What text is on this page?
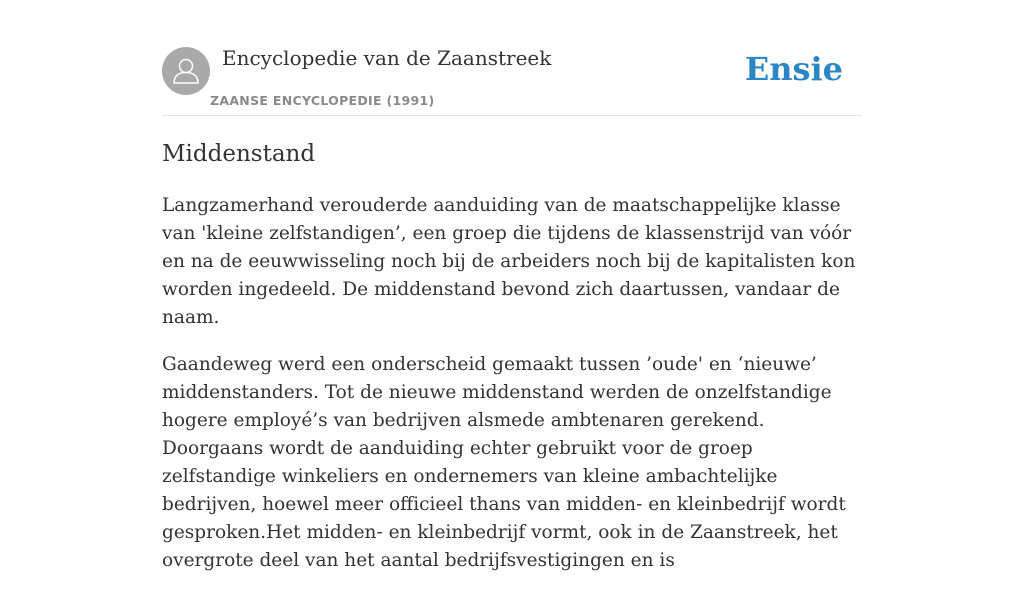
Encyclopedie van de Zaanstreek
ZAANSE ENCYCLOPEDIE (1991)
Ensie
Middenstand

Langzamerhand verouderde aanduiding van de maatschappelijke klasse van 'kleine zelfstandigen’, een groep die tijdens de klassenstrijd van vóór en na de eeuwwisseling noch bij de arbeiders noch bij de kapitalisten kon worden ingedeeld. De middenstand bevond zich daartussen, vandaar de naam.

Gaandeweg werd een onderscheid gemaakt tussen ’oude' en ‘nieuwe’ middenstanders. Tot de nieuwe middenstand werden de onzelfstandige hogere employé’s van bedrijven alsmede ambtenaren gerekend. Doorgaans wordt de aanduiding echter gebruikt voor de groep zelfstandige winkeliers en ondernemers van kleine ambachtelijke bedrijven, hoewel meer officieel thans van midden- en kleinbedrijf wordt gesproken.Het midden- en kleinbedrijf vormt, ook in de Zaanstreek, het overgrote deel van het aantal bedrijfsvestigingen en is
